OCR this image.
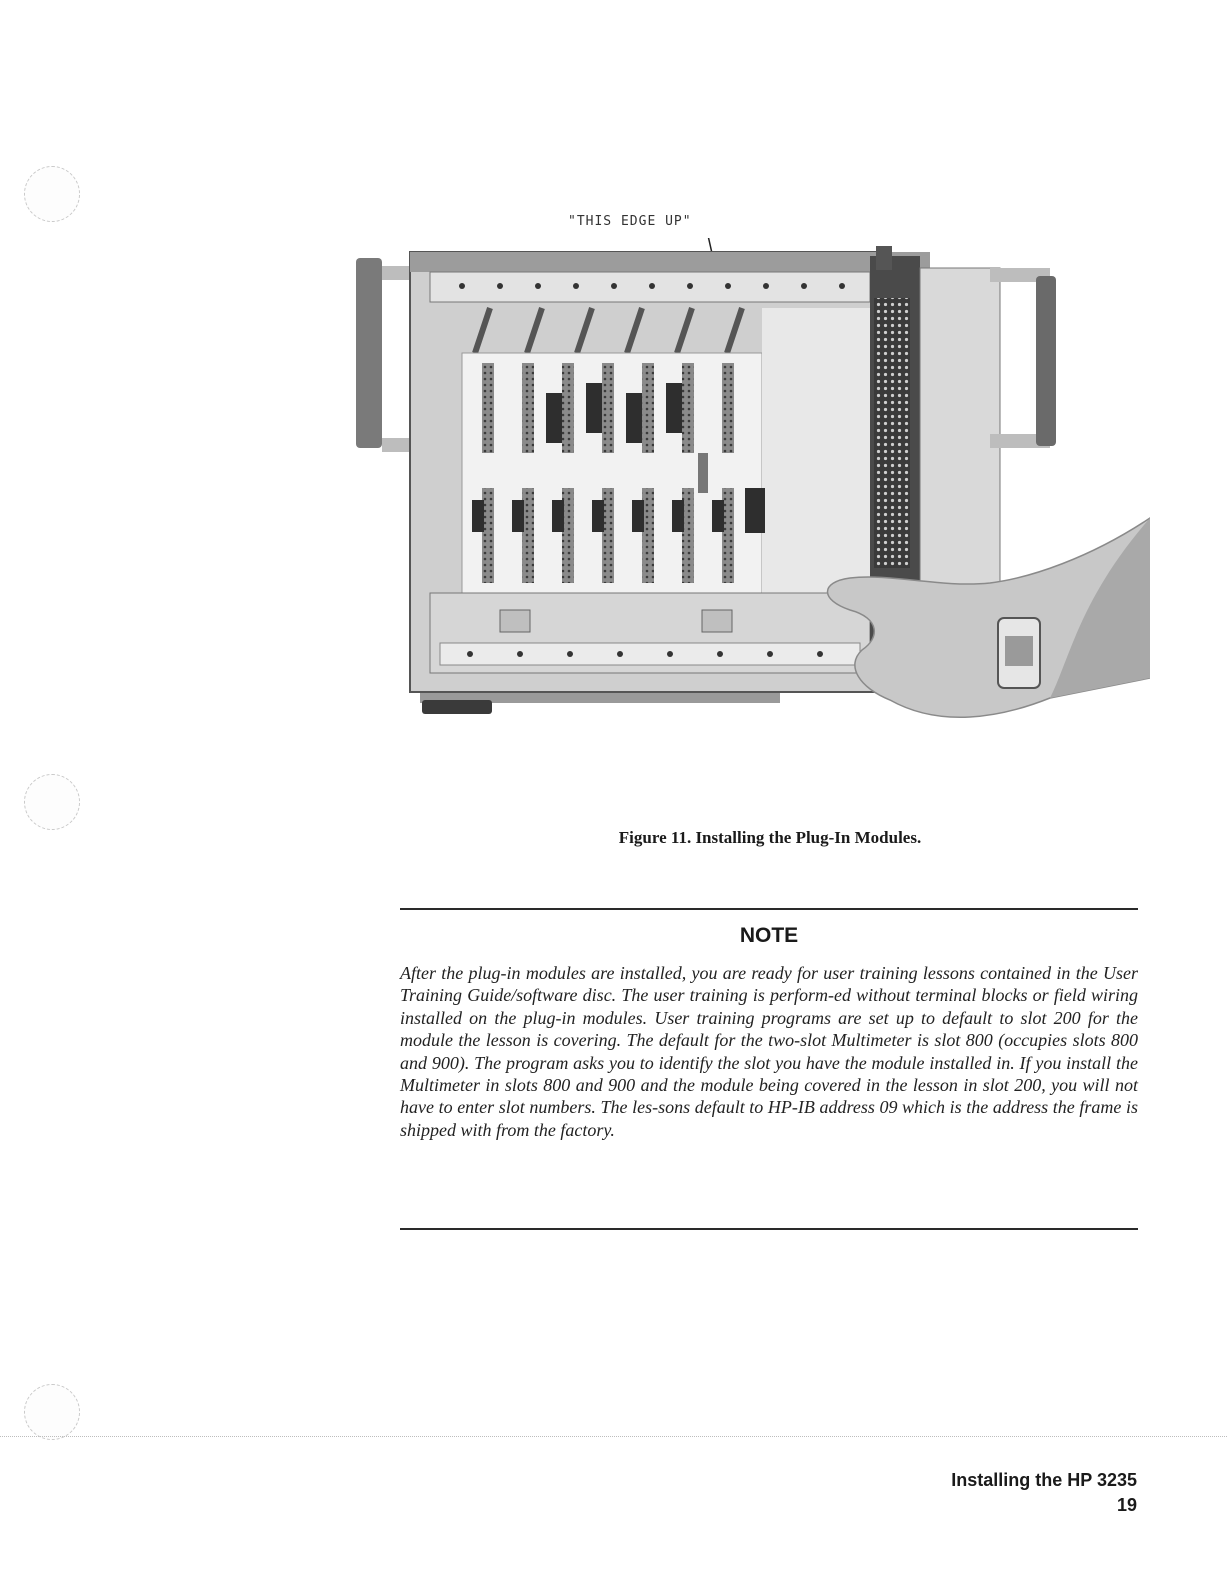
"THIS EDGE UP"
Figure 11. Installing the Plug-In Modules.
NOTE
After the plug-in modules are installed, you are ready for user training lessons contained in the User Training Guide/software disc. The user training is perform-ed without terminal blocks or field wiring installed on the plug-in modules. User training programs are set up to default to slot 200 for the module the lesson is covering. The default for the two-slot Multimeter is slot 800 (occupies slots 800 and 900). The program asks you to identify the slot you have the module installed in. If you install the Multimeter in slots 800 and 900 and the module being covered in the lesson in slot 200, you will not have to enter slot numbers. The les-sons default to HP-IB address 09 which is the address the frame is shipped with from the factory.
Installing the HP 3235
19
